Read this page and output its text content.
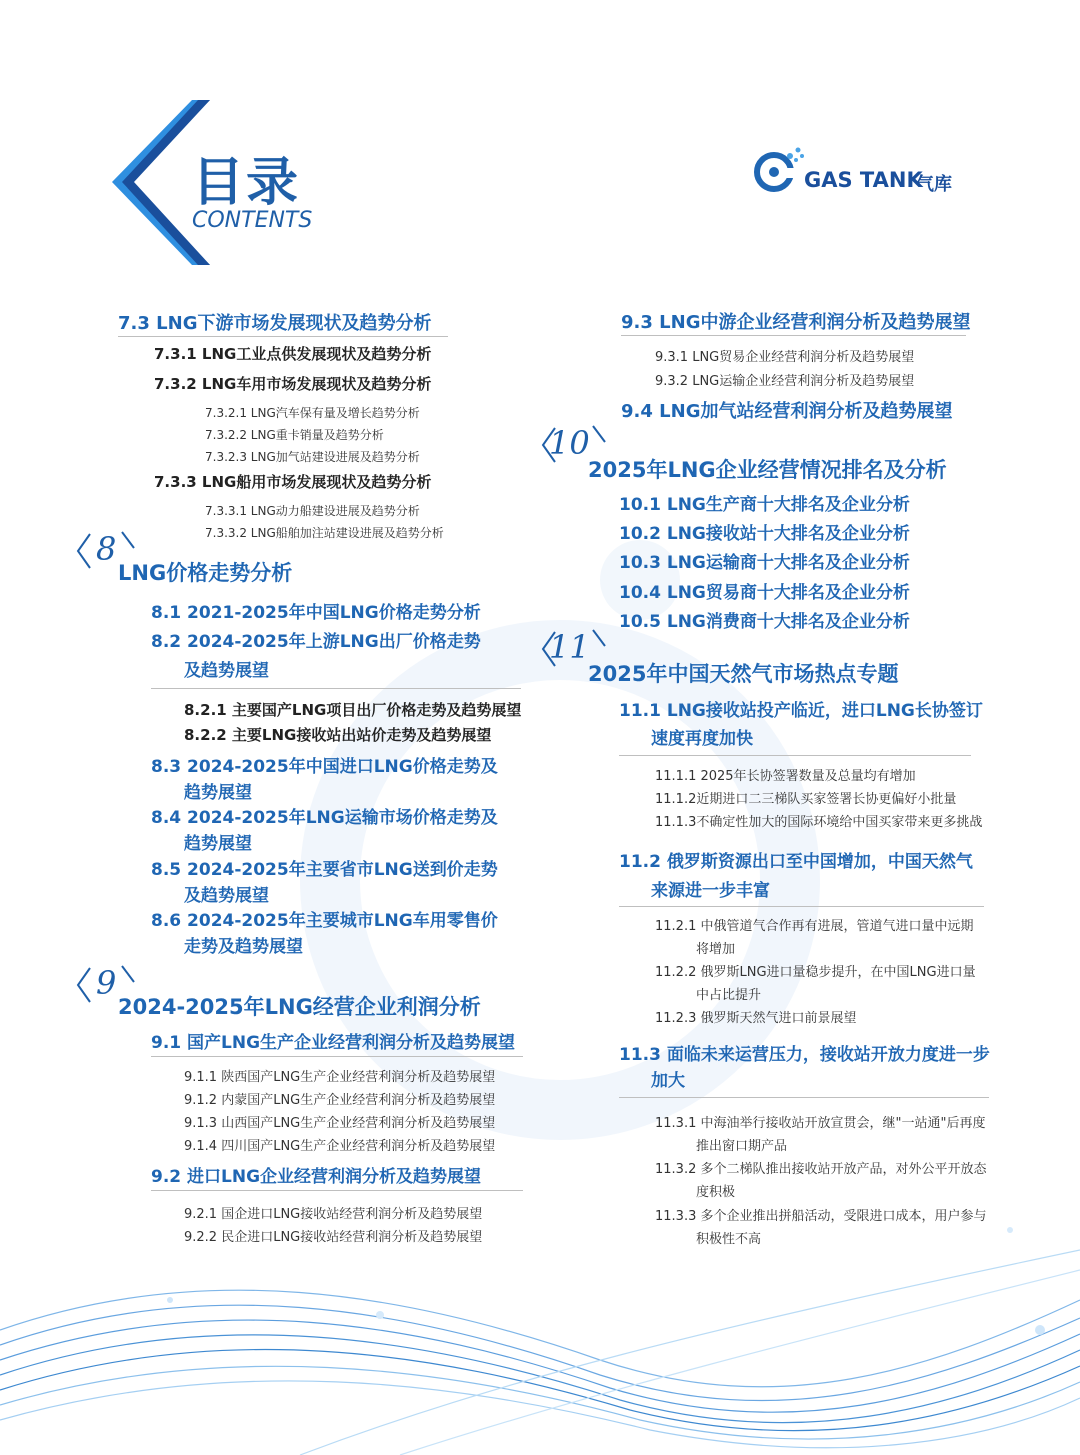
目录
CONTENTS
GAS TANK
气库
7.3 LNG下游市场发展现状及趋势分析
7.3.1 LNG工业点供发展现状及趋势分析
7.3.2 LNG车用市场发展现状及趋势分析
7.3.2.1 LNG汽车保有量及增长趋势分析
7.3.2.2 LNG重卡销量及趋势分析
7.3.2.3 LNG加气站建设进展及趋势分析
7.3.3 LNG船用市场发展现状及趋势分析
7.3.3.1 LNG动力船建设进展及趋势分析
7.3.3.2 LNG船舶加注站建设进展及趋势分析
8
LNG价格走势分析
8.1 2021-2025年中国LNG价格走势分析
8.2 2024-2025年上游LNG出厂价格走势
及趋势展望
8.2.1 主要国产LNG项目出厂价格走势及趋势展望
8.2.2 主要LNG接收站出站价走势及趋势展望
8.3 2024-2025年中国进口LNG价格走势及
趋势展望
8.4 2024-2025年LNG运输市场价格走势及
趋势展望
8.5 2024-2025年主要省市LNG送到价走势
及趋势展望
8.6 2024-2025年主要城市LNG车用零售价
走势及趋势展望
9
2024-2025年LNG经营企业利润分析
9.1 国产LNG生产企业经营利润分析及趋势展望
9.1.1 陕西国产LNG生产企业经营利润分析及趋势展望
9.1.2 内蒙国产LNG生产企业经营利润分析及趋势展望
9.1.3 山西国产LNG生产企业经营利润分析及趋势展望
9.1.4 四川国产LNG生产企业经营利润分析及趋势展望
9.2 进口LNG企业经营利润分析及趋势展望
9.2.1 国企进口LNG接收站经营利润分析及趋势展望
9.2.2 民企进口LNG接收站经营利润分析及趋势展望
9.3 LNG中游企业经营利润分析及趋势展望
9.3.1 LNG贸易企业经营利润分析及趋势展望
9.3.2 LNG运输企业经营利润分析及趋势展望
9.4 LNG加气站经营利润分析及趋势展望
10
2025年LNG企业经营情况排名及分析
10.1 LNG生产商十大排名及企业分析
10.2 LNG接收站十大排名及企业分析
10.3 LNG运输商十大排名及企业分析
10.4 LNG贸易商十大排名及企业分析
10.5 LNG消费商十大排名及企业分析
11
2025年中国天然气市场热点专题
11.1 LNG接收站投产临近，进口LNG长协签订
速度再度加快
11.1.1 2025年长协签署数量及总量均有增加
11.1.2近期进口二三梯队买家签署长协更偏好小批量
11.1.3不确定性加大的国际环境给中国买家带来更多挑战
11.2 俄罗斯资源出口至中国增加，中国天然气
来源进一步丰富
11.2.1 中俄管道气合作再有进展，管道气进口量中远期
将增加
11.2.2 俄罗斯LNG进口量稳步提升，在中国LNG进口量
中占比提升
11.2.3 俄罗斯天然气进口前景展望
11.3 面临未来运营压力，接收站开放力度进一步
加大
11.3.1 中海油举行接收站开放宣贯会，继"一站通"后再度
推出窗口期产品
11.3.2 多个二梯队推出接收站开放产品，对外公平开放态
度积极
11.3.3 多个企业推出拼船活动，受限进口成本，用户参与
积极性不高
